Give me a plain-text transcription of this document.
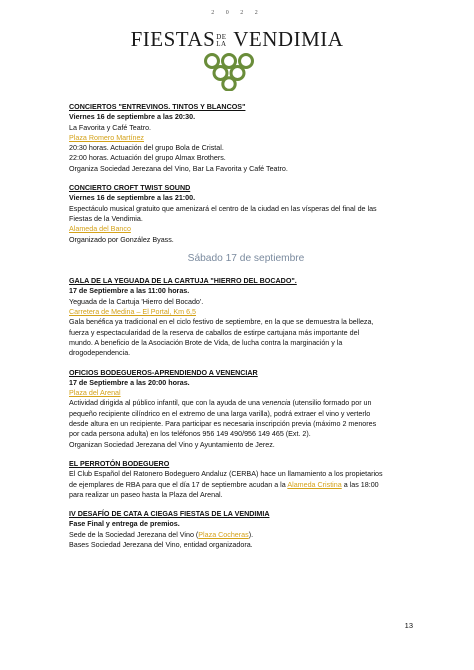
2 0 2 2
FIESTASDE
LA VENDIMIA

CONCIERTOS "ENTREVINOS. TINTOS Y BLANCOS"

Viernes 16 de septiembre a las 20:30.

La Favorita y Café Teatro.

Plaza Romero Martínez

20:30 horas. Actuación del grupo Bola de Cristal.

22:00 horas. Actuación del grupo Almax Brothers.

Organiza Sociedad Jerezana del Vino, Bar La Favorita y Café Teatro.

CONCIERTO CROFT TWIST SOUND

Viernes 16 de septiembre a las 21:00.

Espectáculo musical gratuito que amenizará el centro de la ciudad en las vísperas del final de las

Fiestas de la Vendimia.

Alameda del Banco

Organizado por González Byass.

Sábado 17 de septiembre

GALA DE LA YEGUADA DE LA CARTUJA "HIERRO DEL BOCADO".

17 de Septiembre a las 11:00 horas.

Yeguada de la Cartuja 'Hierro del Bocado'.

Carretera de Medina – El Portal, Km 6,5

Gala benéfica ya tradicional en el ciclo festivo de septiembre, en la que se demuestra la belleza,

fuerza y espectacularidad de la reserva de caballos de estirpe cartujana más importante del

mundo. A beneficio de la Asociación Brote de Vida, de lucha contra la marginación y la

drogodependencia.

OFICIOS BODEGUEROS-APRENDIENDO A VENENCIAR

17 de Septiembre a las 20:00 horas.

Plaza del Arenal

Actividad dirigida al público infantil, que con la ayuda de una venencia (utensilio formado por un

pequeño recipiente cilíndrico en el extremo de una larga varilla), podrá extraer el vino y verterlo

desde altura en un recipiente. Para participar es necesaria inscripción previa (máximo 2 menores

por cada persona adulta) en los teléfonos 956 149 490/956 149 465 (Ext. 2).

Organizan Sociedad Jerezana del Vino y Ayuntamiento de Jerez.

EL PERROTÓN BODEGUERO

El Club Español del Ratonero Bodeguero Andaluz (CERBA) hace un llamamiento a los propietarios

de ejemplares de RBA para que el día 17 de septiembre acudan a la Alameda Cristina a las 18:00

para realizar un paseo hasta la Plaza del Arenal.

IV DESAFÍO DE CATA A CIEGAS FIESTAS DE LA VENDIMIA

Fase Final y entrega de premios.

Sede de la Sociedad Jerezana del Vino (Plaza Cocheras).

Bases Sociedad Jerezana del Vino, entidad organizadora.

13
